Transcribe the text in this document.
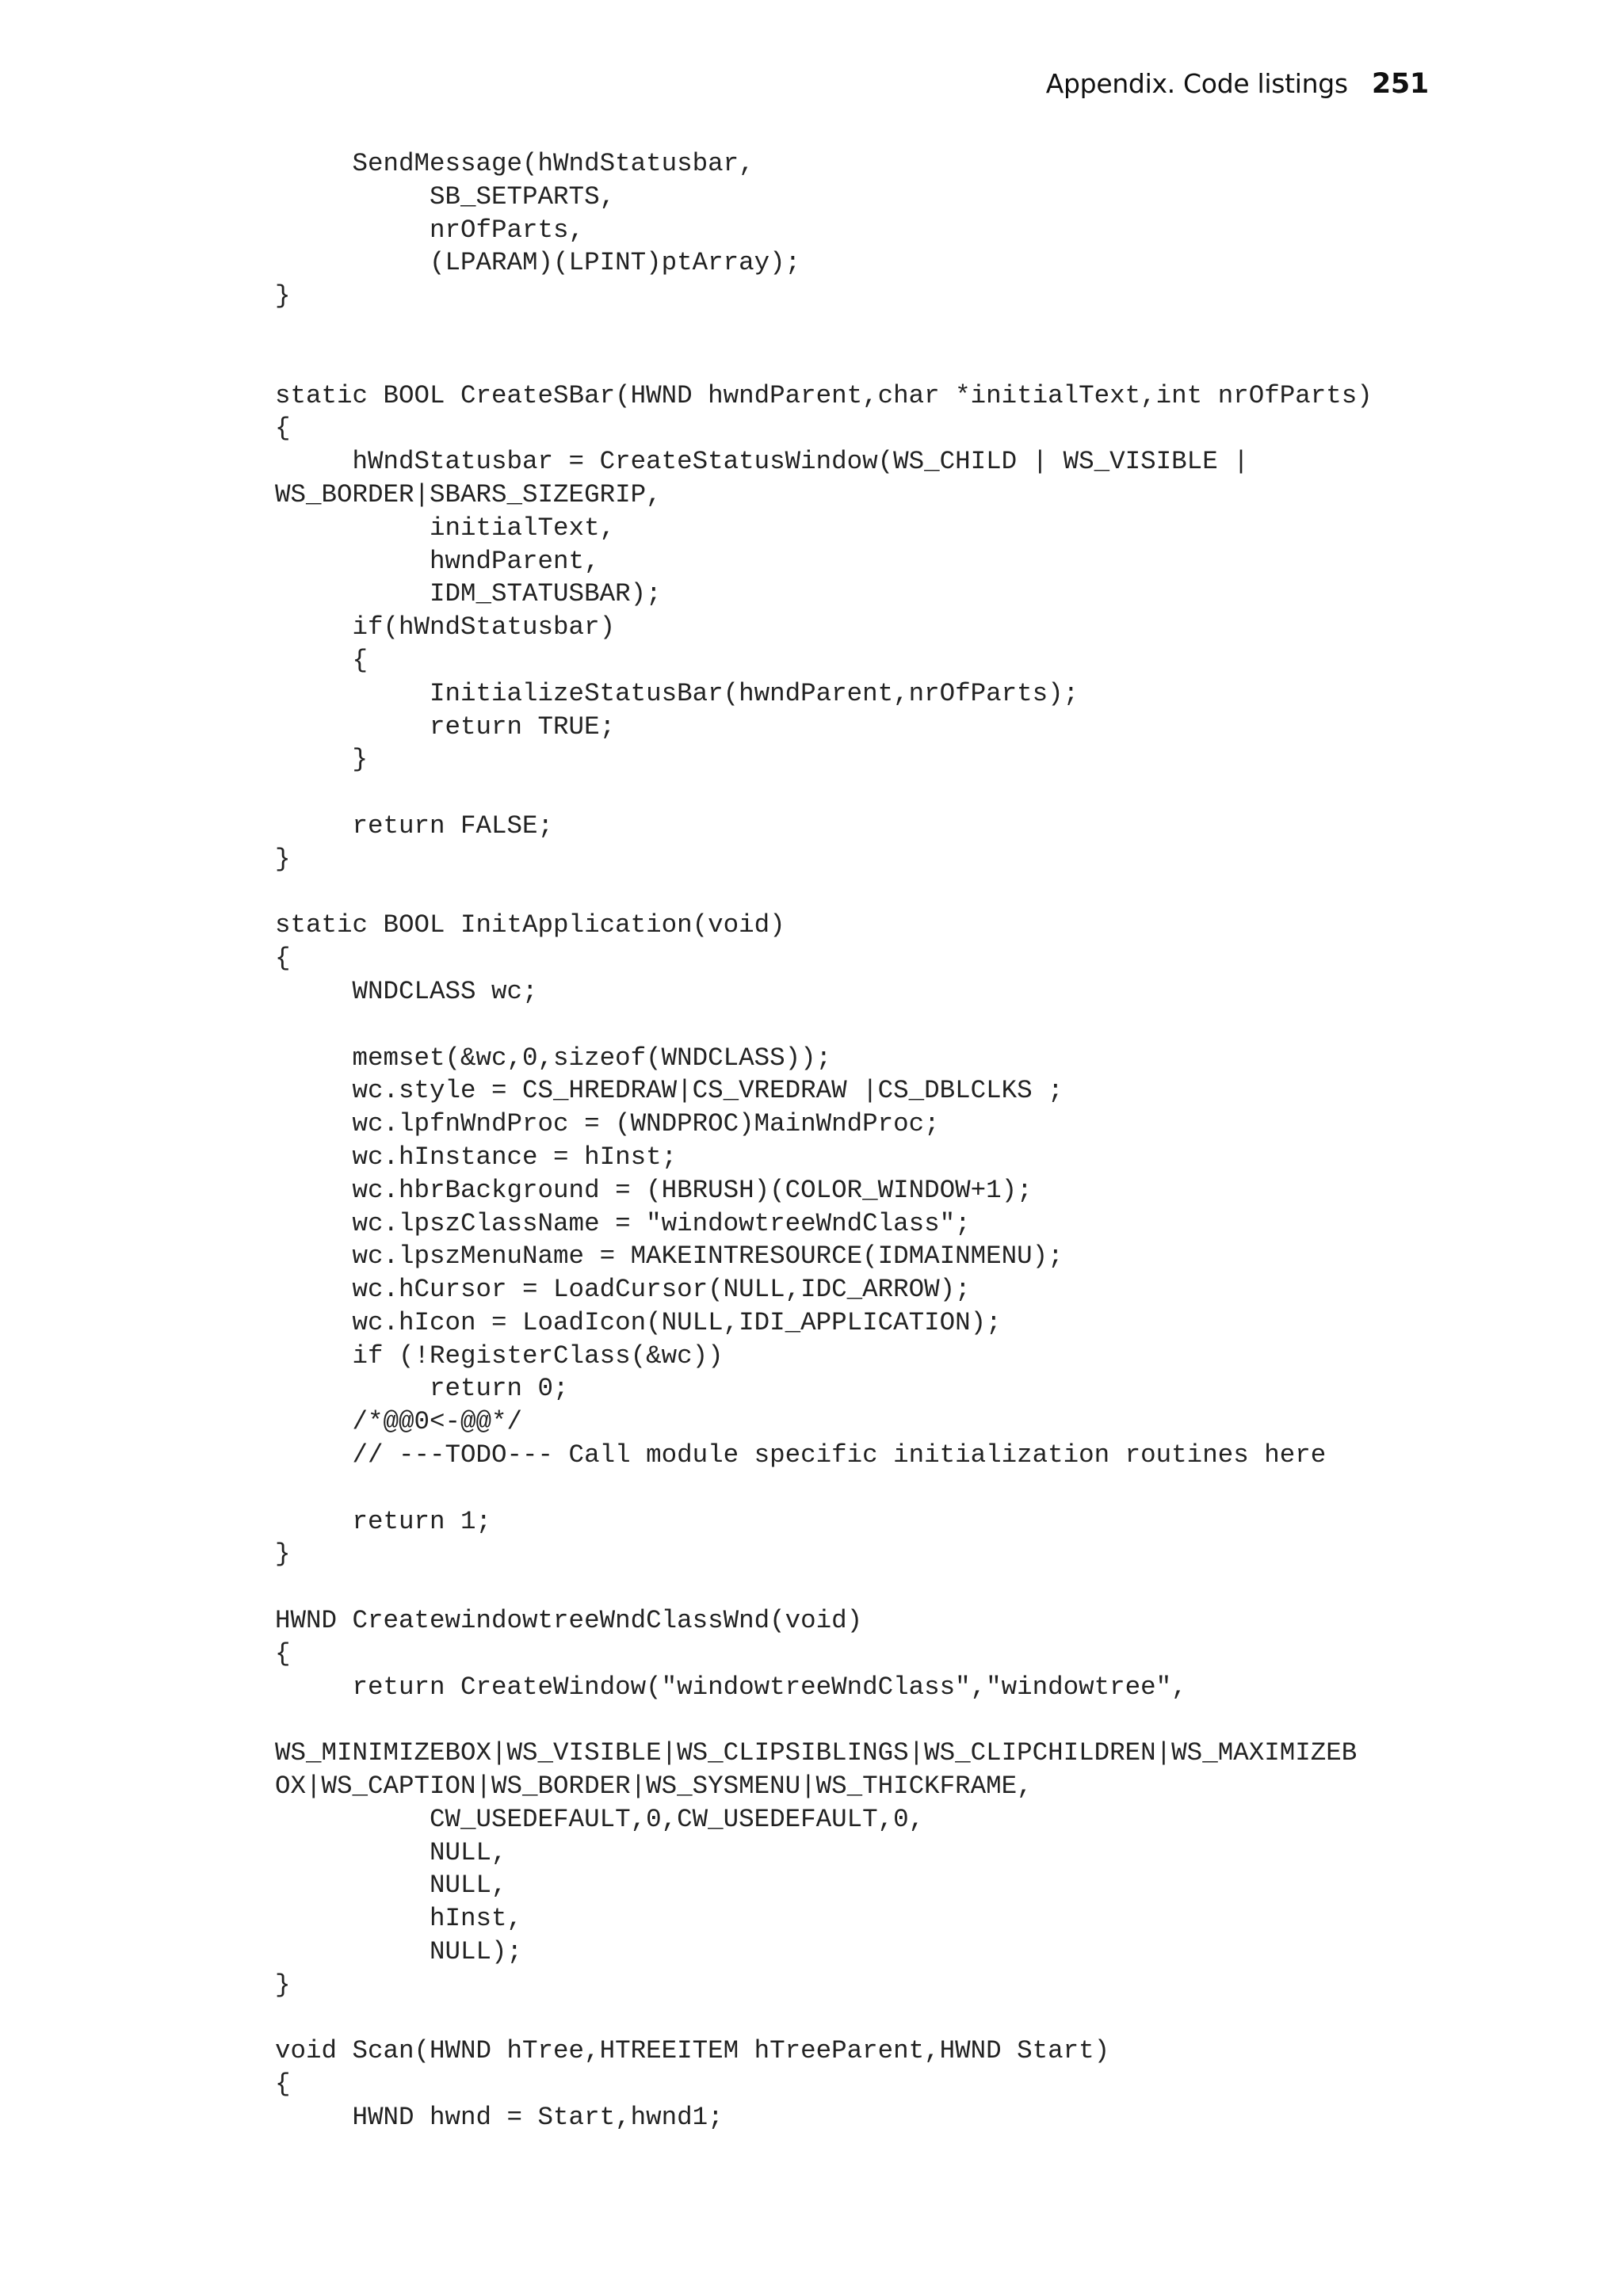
Appendix. Code listings 251
SendMessage(hWndStatusbar,
SB_SETPARTS,
nrOfParts,
(LPARAM)(LPINT)ptArray);
}

static BOOL CreateSBar(HWND hwndParent,char *initialText,int nrOfParts)
{
hWndStatusbar = CreateStatusWindow(WS_CHILD | WS_VISIBLE |
WS_BORDER|SBARS_SIZEGRIP,
initialText,
hwndParent,
IDM_STATUSBAR);
if(hWndStatusbar)
{
InitializeStatusBar(hwndParent,nrOfParts);
return TRUE;
}

return FALSE;
}

static BOOL InitApplication(void)
{
WNDCLASS wc;

memset(&wc,0,sizeof(WNDCLASS));
wc.style = CS_HREDRAW|CS_VREDRAW |CS_DBLCLKS ;
wc.lpfnWndProc = (WNDPROC)MainWndProc;
wc.hInstance = hInst;
wc.hbrBackground = (HBRUSH)(COLOR_WINDOW+1);
wc.lpszClassName = "windowtreeWndClass";
wc.lpszMenuName = MAKEINTRESOURCE(IDMAINMENU);
wc.hCursor = LoadCursor(NULL,IDC_ARROW);
wc.hIcon = LoadIcon(NULL,IDI_APPLICATION);
if (!RegisterClass(&wc))
return 0;
/*@@0<-@@*/
// ---TODO--- Call module specific initialization routines here

return 1;
}

HWND CreatewindowtreeWndClassWnd(void)
{
return CreateWindow("windowtreeWndClass","windowtree",

WS_MINIMIZEBOX|WS_VISIBLE|WS_CLIPSIBLINGS|WS_CLIPCHILDREN|WS_MAXIMIZEB
OX|WS_CAPTION|WS_BORDER|WS_SYSMENU|WS_THICKFRAME,
CW_USEDEFAULT,0,CW_USEDEFAULT,0,
NULL,
NULL,
hInst,
NULL);
}

void Scan(HWND hTree,HTREEITEM hTreeParent,HWND Start)
{
HWND hwnd = Start,hwnd1;
